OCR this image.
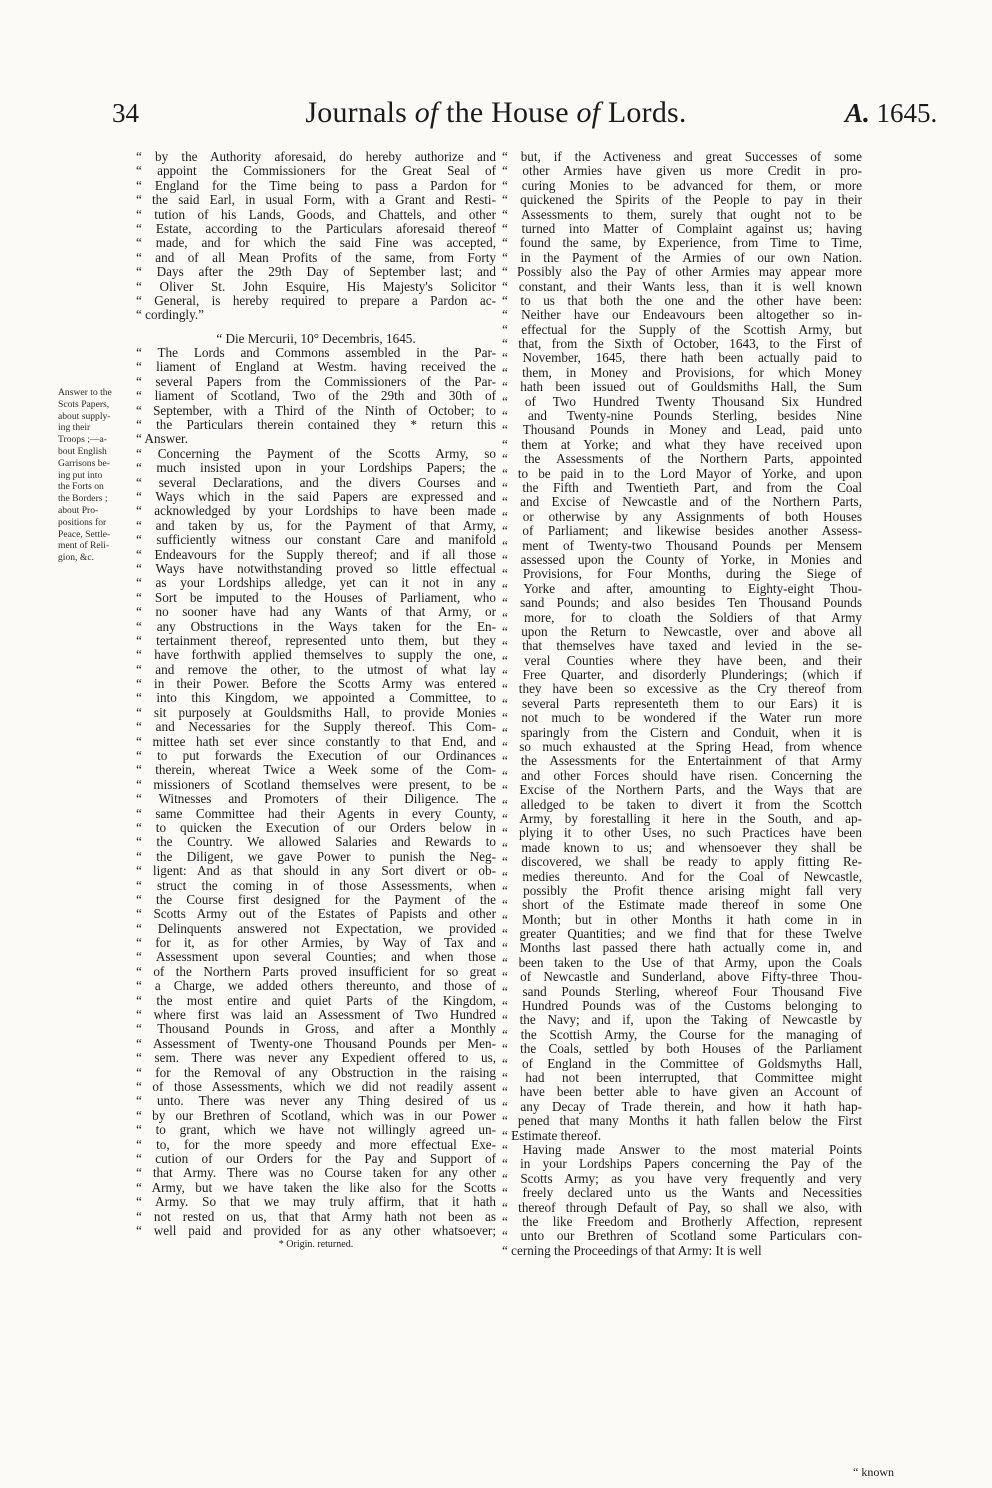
34	Journals of the House of Lords.	A. 1645.
Answer to the
Scots Papers,
about supply-
ing their
Troops ;—a-
bout English
Garrisons be-
ing put into
the Forts on
the Borders ;
about Pro-
positions for
Peace, Settle-
ment of Reli-
gion, &c.
“ by the Authority aforesaid, do hereby authorize and
“ appoint the Commissioners for the Great Seal of
“ England for the Time being to pass a Pardon for
“ the said Earl, in usual Form, with a Grant and Resti-
“ tution of his Lands, Goods, and Chattels, and other
“ Estate, according to the Particulars aforesaid thereof
“ made, and for which the said Fine was accepted,
“ and of all Mean Profits of the same, from Forty
“ Days after the 29th Day of September last; and
“ Oliver St. John Esquire, His Majesty's Solicitor
“ General, is hereby required to prepare a Pardon ac-
“ cordingly.”
“ Die Mercurii, 10° Decembris, 1645.
“ The Lords and Commons assembled in the Par-
“ liament of England at Westm. having received the
“ several Papers from the Commissioners of the Par-
“ liament of Scotland, Two of the 29th and 30th of
“ September, with a Third of the Ninth of October; to
“ the Particulars therein contained they * return this
“ Answer.
“ Concerning the Payment of the Scotts Army, so
“ much insisted upon in your Lordships Papers; the
“ several Declarations, and the divers Courses and
“ Ways which in the said Papers are expressed and
“ acknowledged by your Lordships to have been made
“ and taken by us, for the Payment of that Army,
“ sufficiently witness our constant Care and manifold
“ Endeavours for the Supply thereof; and if all those
“ Ways have notwithstanding proved so little effectual
“ as your Lordships alledge, yet can it not in any
“ Sort be imputed to the Houses of Parliament, who
“ no sooner have had any Wants of that Army, or
“ any Obstructions in the Ways taken for the En-
“ tertainment thereof, represented unto them, but they
“ have forthwith applied themselves to supply the one,
“ and remove the other, to the utmost of what lay
“ in their Power. Before the Scotts Army was entered
“ into this Kingdom, we appointed a Committee, to
“ sit purposely at Gouldsmiths Hall, to provide Monies
“ and Necessaries for the Supply thereof. This Com-
“ mittee hath set ever since constantly to that End, and
“ to put forwards the Execution of our Ordinances
“ therein, whereat Twice a Week some of the Com-
“ missioners of Scotland themselves were present, to be
“ Witnesses and Promoters of their Diligence. The
“ same Committee had their Agents in every County,
“ to quicken the Execution of our Orders below in
“ the Country. We allowed Salaries and Rewards to
“ the Diligent, we gave Power to punish the Neg-
“ ligent: And as that should in any Sort divert or ob-
“ struct the coming in of those Assessments, when
“ the Course first designed for the Payment of the
“ Scotts Army out of the Estates of Papists and other
“ Delinquents answered not Expectation, we provided
“ for it, as for other Armies, by Way of Tax and
“ Assessment upon several Counties; and when those
“ of the Northern Parts proved insufficient for so great
“ a Charge, we added others thereunto, and those of
“ the most entire and quiet Parts of the Kingdom,
“ where first was laid an Assessment of Two Hundred
“ Thousand Pounds in Gross, and after a Monthly
“ Assessment of Twenty-one Thousand Pounds per Men-
“ sem. There was never any Expedient offered to us,
“ for the Removal of any Obstruction in the raising
“ of those Assessments, which we did not readily assent
“ unto. There was never any Thing desired of us
“ by our Brethren of Scotland, which was in our Power
“ to grant, which we have not willingly agreed un-
“ to, for the more speedy and more effectual Exe-
“ cution of our Orders for the Pay and Support of
“ that Army. There was no Course taken for any other
“ Army, but we have taken the like also for the Scotts
“ Army. So that we may truly affirm, that it hath
“ not rested on us, that that Army hath not been as
“ well paid and provided for as any other whatsoever;
* Origin. returned.
“ but, if the Activeness and great Successes of some
“ other Armies have given us more Credit in pro-
“ curing Monies to be advanced for them, or more
“ quickened the Spirits of the People to pay in their
“ Assessments to them, surely that ought not to be
“ turned into Matter of Complaint against us; having
“ found the same, by Experience, from Time to Time,
“ in the Payment of the Armies of our own Nation.
“ Possibly also the Pay of other Armies may appear more
“ constant, and their Wants less, than it is well known
“ to us that both the one and the other have been:
“ Neither have our Endeavours been altogether so in-
“ effectual for the Supply of the Scottish Army, but
“ that, from the Sixth of October, 1643, to the First of
“ November, 1645, there hath been actually paid to
“ them, in Money and Provisions, for which Money
“ hath been issued out of Gouldsmiths Hall, the Sum
“ of Two Hundred Twenty Thousand Six Hundred
“ and Twenty-nine Pounds Sterling, besides Nine
“ Thousand Pounds in Money and Lead, paid unto
“ them at Yorke; and what they have received upon
“ the Assessments of the Northern Parts, appointed
“ to be paid in to the Lord Mayor of Yorke, and upon
“ the Fifth and Twentieth Part, and from the Coal
“ and Excise of Newcastle and of the Northern Parts,
“ or otherwise by any Assignments of both Houses
“ of Parliament; and likewise besides another Assess-
“ ment of Twenty-two Thousand Pounds per Mensem
“ assessed upon the County of Yorke, in Monies and
“ Provisions, for Four Months, during the Siege of
“ Yorke and after, amounting to Eighty-eight Thou-
“ sand Pounds; and also besides Ten Thousand Pounds
“ more, for to cloath the Soldiers of that Army
“ upon the Return to Newcastle, over and above all
“ that themselves have taxed and levied in the se-
“ veral Counties where they have been, and their
“ Free Quarter, and disorderly Plunderings; (which if
“ they have been so excessive as the Cry thereof from
“ several Parts representeth them to our Ears) it is
“ not much to be wondered if the Water run more
“ sparingly from the Cistern and Conduit, when it is
“ so much exhausted at the Spring Head, from whence
“ the Assessments for the Entertainment of that Army
“ and other Forces should have risen. Concerning the
“ Excise of the Northern Parts, and the Ways that are
“ alledged to be taken to divert it from the Scottch
“ Army, by forestalling it here in the South, and ap-
“ plying it to other Uses, no such Practices have been
“ made known to us; and whensoever they shall be
“ discovered, we shall be ready to apply fitting Re-
“ medies thereunto. And for the Coal of Newcastle,
“ possibly the Profit thence arising might fall very
“ short of the Estimate made thereof in some One
“ Month; but in other Months it hath come in in
“ greater Quantities; and we find that for these Twelve
“ Months last passed there hath actually come in, and
“ been taken to the Use of that Army, upon the Coals
“ of Newcastle and Sunderland, above Fifty-three Thou-
“ sand Pounds Sterling, whereof Four Thousand Five
“ Hundred Pounds was of the Customs belonging to
“ the Navy; and if, upon the Taking of Newcastle by
“ the Scottish Army, the Course for the managing of
“ the Coals, settled by both Houses of the Parliament
“ of England in the Committee of Goldsmyths Hall,
“ had not been interrupted, that Committee might
“ have been better able to have given an Account of
“ any Decay of Trade therein, and how it hath hap-
“ pened that many Months it hath fallen below the First
“ Estimate thereof.
“ Having made Answer to the most material Points
“ in your Lordships Papers concerning the Pay of the
“ Scotts Army; as you have very frequently and very
“ freely declared unto us the Wants and Necessities
“ thereof through Default of Pay, so shall we also, with
“ the like Freedom and Brotherly Affection, represent
“ unto our Brethren of Scotland some Particulars con-
“ cerning the Proceedings of that Army: It is well
“ known
